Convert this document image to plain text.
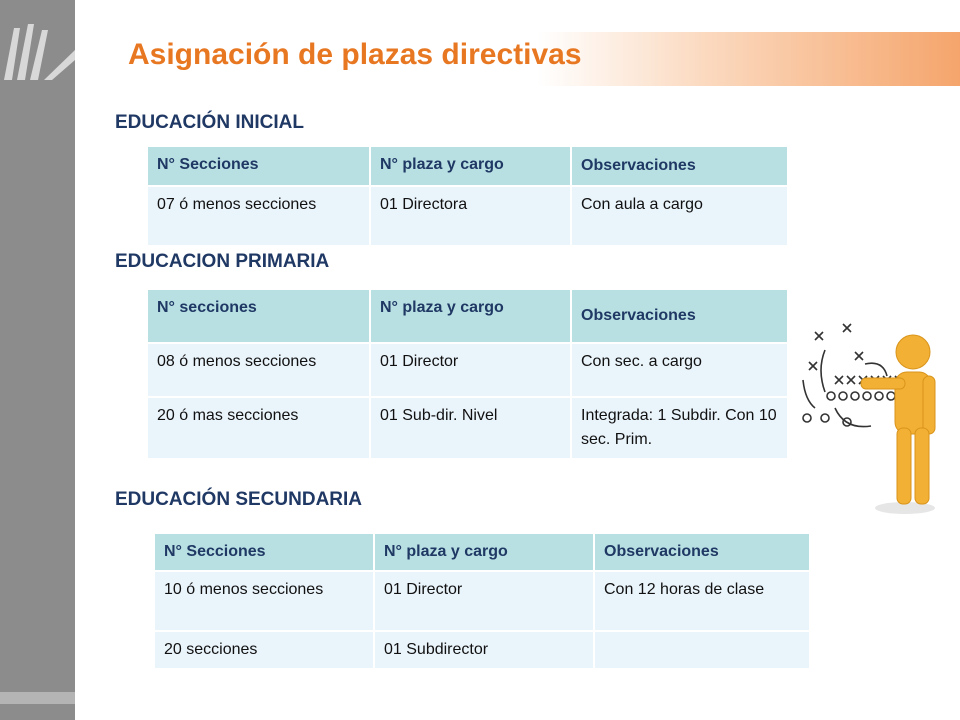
Asignación de plazas directivas
EDUCACIÓN INICIAL
N° Secciones	N° plaza y cargo	Observaciones
07 ó menos secciones	01 Directora	Con aula a cargo
EDUCACION PRIMARIA
N° secciones	N° plaza y cargo	Observaciones
08 ó menos secciones	01 Director	Con sec. a cargo
20 ó mas secciones	01 Sub-dir. Nivel	Integrada: 1 Subdir. Con 10 sec. Prim.
EDUCACIÓN SECUNDARIA
N° Secciones	N° plaza y cargo	Observaciones
10 ó menos secciones	01 Director	Con 12 horas de clase
20 secciones	01 Subdirector	
